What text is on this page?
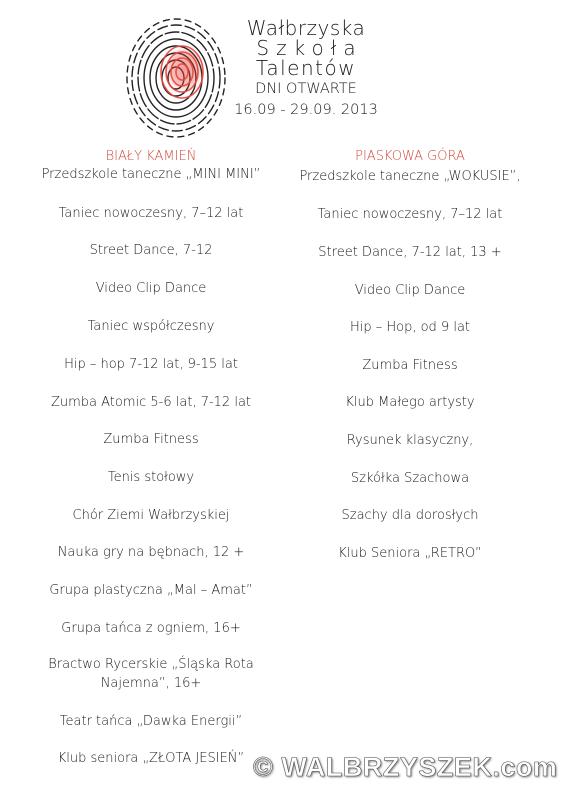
Wałbrzyska
Szkoła
Talentów
DNI OTWARTE
16.09 - 29.09. 2013
BIAŁY KAMIEŃ
Przedszkole taneczne „MINI MINI”
Taniec nowoczesny, 7–12 lat
Street Dance, 7-12
Video Clip Dance
Taniec współczesny
Hip – hop 7-12 lat, 9-15 lat
Zumba Atomic 5-6 lat, 7-12 lat
Zumba Fitness
Tenis stołowy
Chór Ziemi Wałbrzyskiej
Nauka gry na bębnach, 12 +
Grupa plastyczna „Mal – Amat”
Grupa tańca z ogniem, 16+
Bractwo Rycerskie „Śląska Rota
Najemna”, 16+
Teatr tańca „Dawka Energii”
Klub seniora „ZŁOTA JESIEŃ”
PIASKOWA GÓRA
Przedszkole taneczne „WOKUSIE”,
Taniec nowoczesny, 7–12 lat
Street Dance, 7-12 lat, 13 +
Video Clip Dance
Hip – Hop, od 9 lat
Zumba Fitness
Klub Małego artysty
Rysunek klasyczny,
Szkółka Szachowa
Szachy dla dorosłych
Klub Seniora „RETRO”
© WALBRZYSZEK.com
